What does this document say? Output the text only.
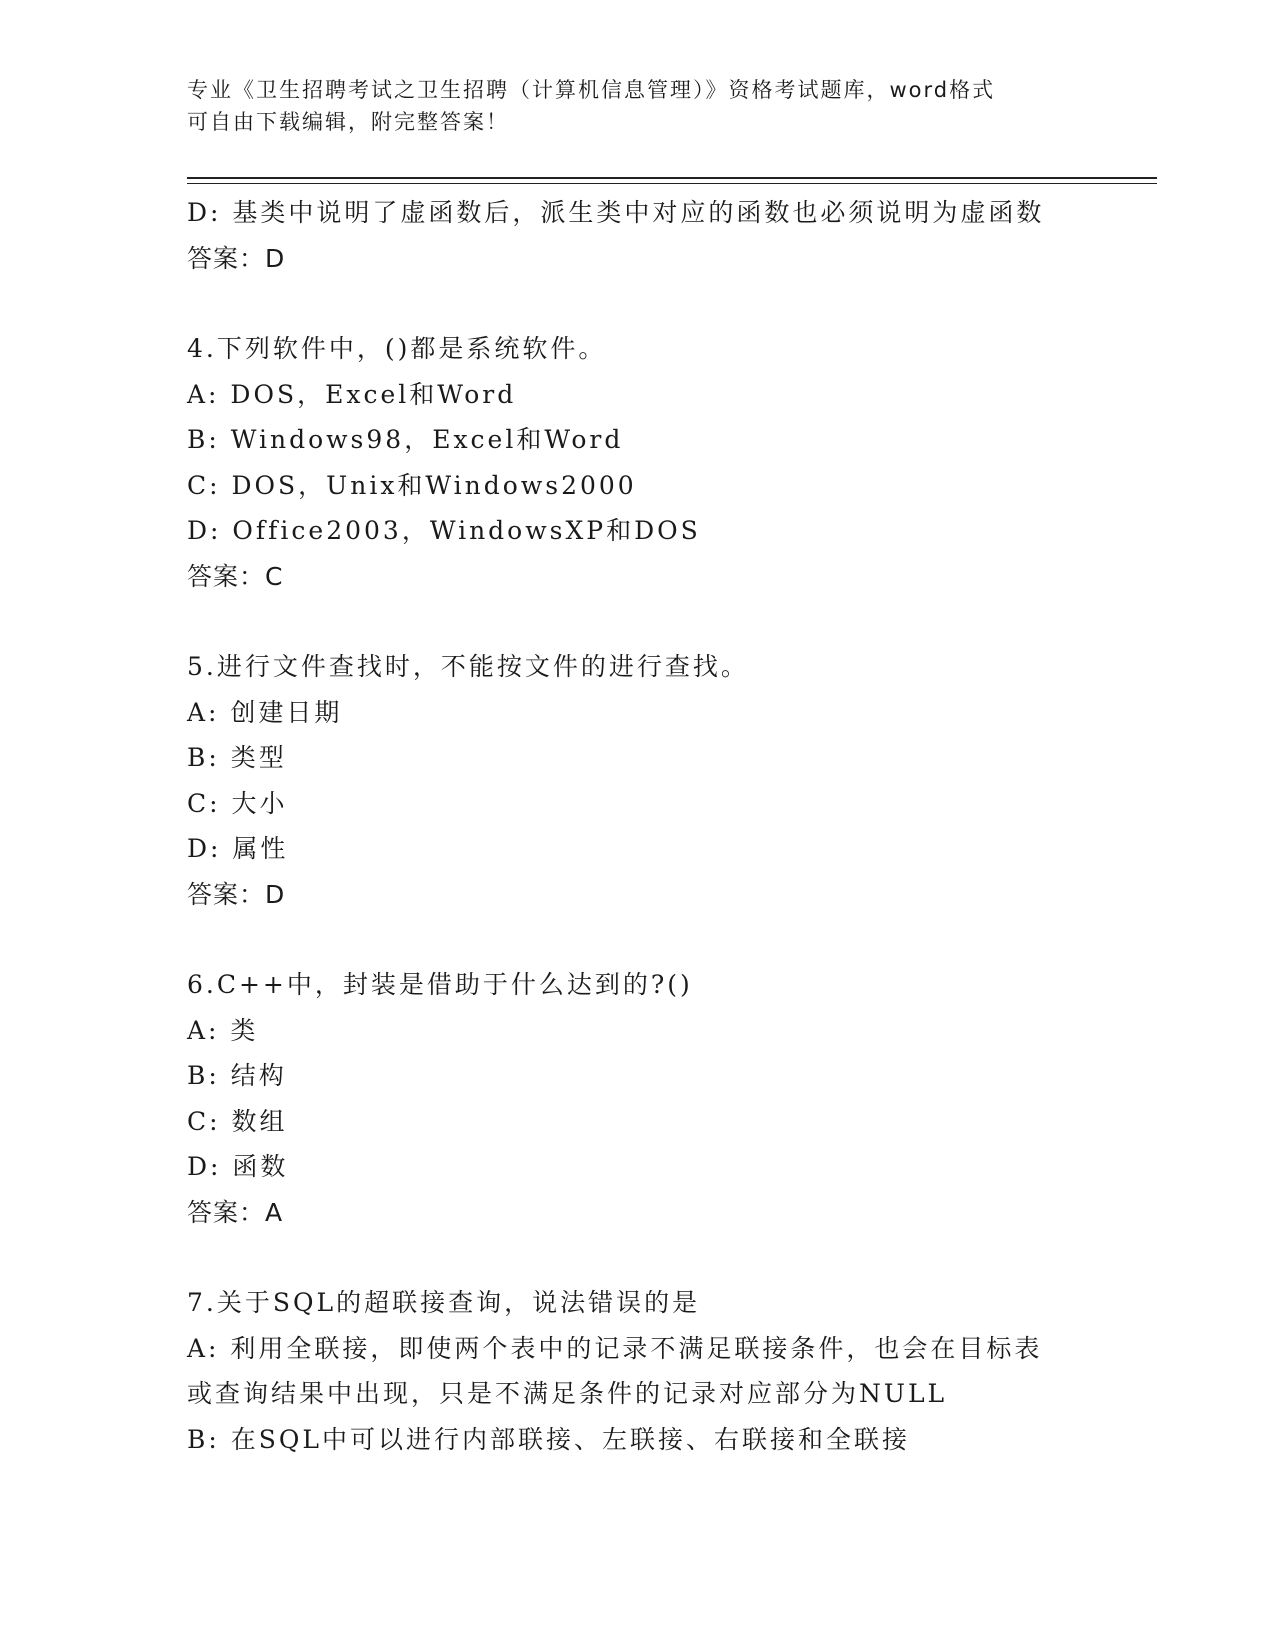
专业《卫生招聘考试之卫生招聘（计算机信息管理）》资格考试题库，word格式
可自由下载编辑，附完整答案！

D: 基类中说明了虚函数后，派生类中对应的函数也必须说明为虚函数

答案：D

4.下列软件中，()都是系统软件。

A: DOS，Excel和Word

B: Windows98，Excel和Word

C: DOS，Unix和Windows2000

D: Office2003，WindowsXP和DOS

答案：C

5.进行文件查找时，不能按文件的进行查找。

A: 创建日期

B: 类型

C: 大小

D: 属性

答案：D

6.C++中，封装是借助于什么达到的?()

A: 类

B: 结构

C: 数组

D: 函数

答案：A

7.关于SQL的超联接查询，说法错误的是

A: 利用全联接，即使两个表中的记录不满足联接条件，也会在目标表

或查询结果中出现，只是不满足条件的记录对应部分为NULL

B: 在SQL中可以进行内部联接、左联接、右联接和全联接
